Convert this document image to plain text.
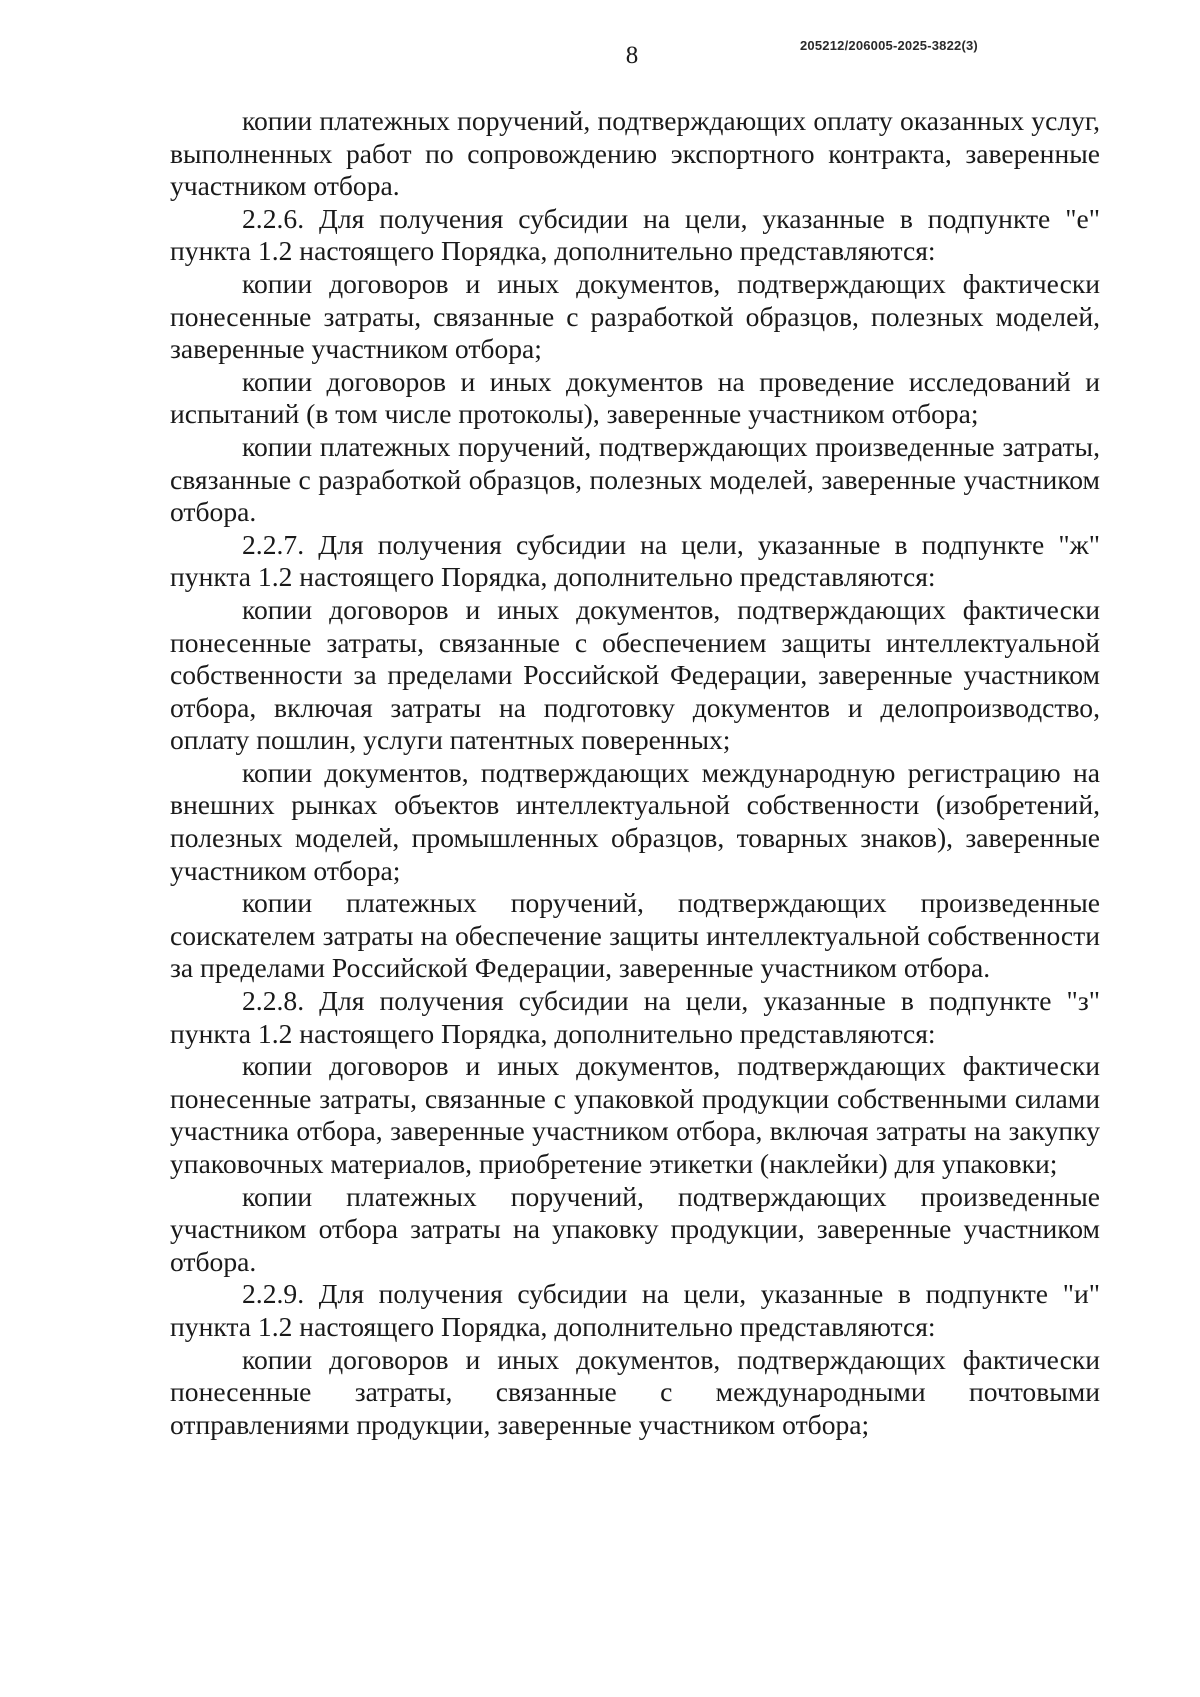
8	205212/206005-2025-3822(3)

копии платежных поручений, подтверждающих оплату оказанных услуг, выполненных работ по сопровождению экспортного контракта, заверенные участником отбора.

2.2.6. Для получения субсидии на цели, указанные в подпункте "е" пункта 1.2 настоящего Порядка, дополнительно представляются:

копии договоров и иных документов, подтверждающих фактически понесенные затраты, связанные с разработкой образцов, полезных моделей, заверенные участником отбора;

копии договоров и иных документов на проведение исследований и испытаний (в том числе протоколы), заверенные участником отбора;

копии платежных поручений, подтверждающих произведенные затраты, связанные с разработкой образцов, полезных моделей, заверенные участником отбора.

2.2.7. Для получения субсидии на цели, указанные в подпункте "ж" пункта 1.2 настоящего Порядка, дополнительно представляются:

копии договоров и иных документов, подтверждающих фактически понесенные затраты, связанные с обеспечением защиты интеллектуальной собственности за пределами Российской Федерации, заверенные участником отбора, включая затраты на подготовку документов и делопроизводство, оплату пошлин, услуги патентных поверенных;

копии документов, подтверждающих международную регистрацию на внешних рынках объектов интеллектуальной собственности (изобретений, полезных моделей, промышленных образцов, товарных знаков), заверенные участником отбора;

копии платежных поручений, подтверждающих произведенные соискателем затраты на обеспечение защиты интеллектуальной собственности за пределами Российской Федерации, заверенные участником отбора.

2.2.8. Для получения субсидии на цели, указанные в подпункте "з" пункта 1.2 настоящего Порядка, дополнительно представляются:

копии договоров и иных документов, подтверждающих фактически понесенные затраты, связанные с упаковкой продукции собственными силами участника отбора, заверенные участником отбора, включая затраты на закупку упаковочных материалов, приобретение этикетки (наклейки) для упаковки;

копии платежных поручений, подтверждающих произведенные участником отбора затраты на упаковку продукции, заверенные участником отбора.

2.2.9. Для получения субсидии на цели, указанные в подпункте "и" пункта 1.2 настоящего Порядка, дополнительно представляются:

копии договоров и иных документов, подтверждающих фактически понесенные затраты, связанные с международными почтовыми отправлениями продукции, заверенные участником отбора;
